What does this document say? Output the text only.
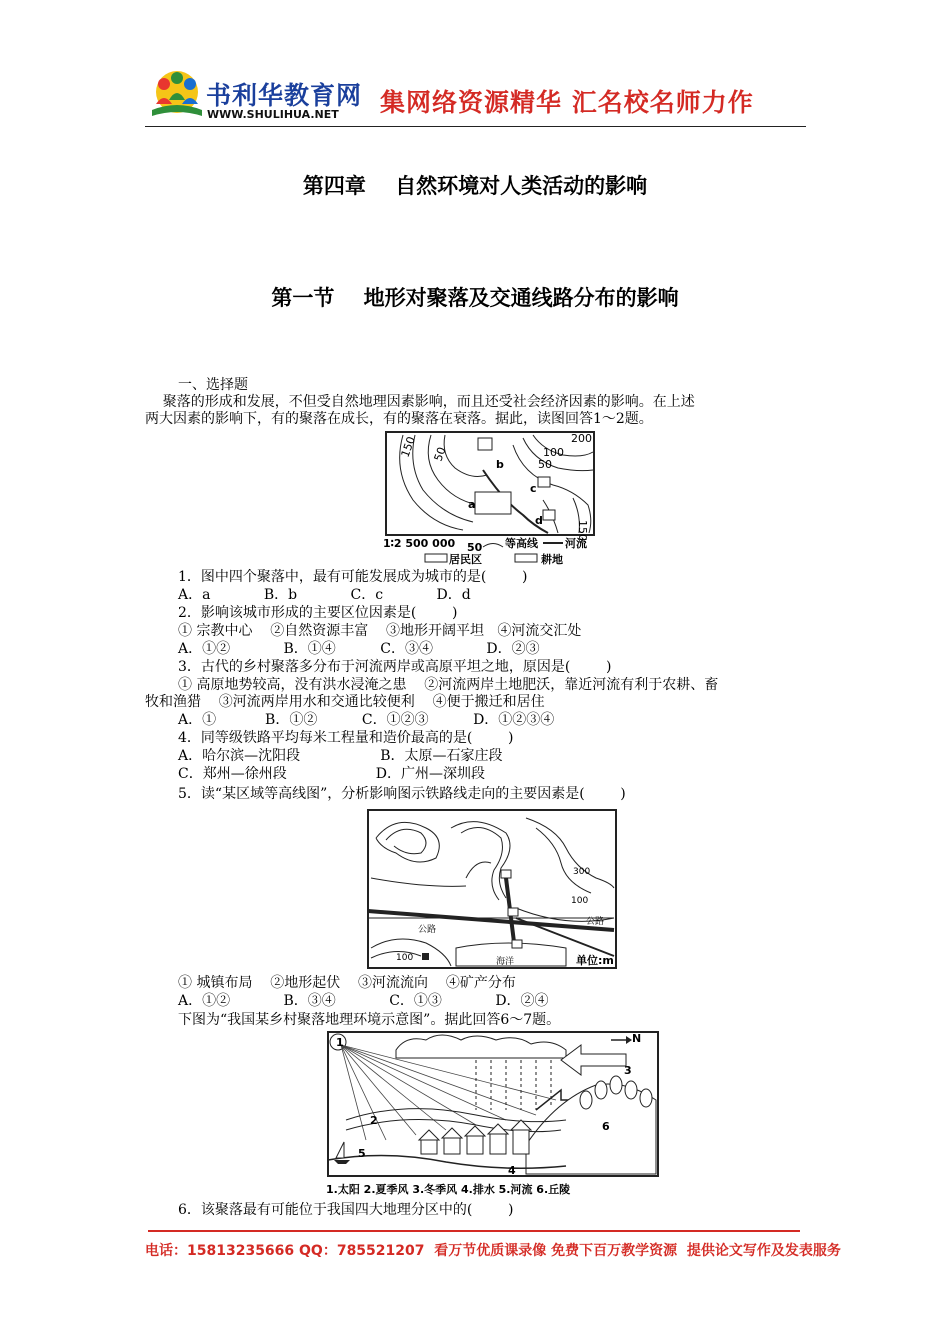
书利华教育网
WWW.SHULIHUA.NET 集网络资源精华 汇名校名师力作
第四章    自然环境对人类活动的影响
第一节    地形对聚落及交通线路分布的影响
一、选择题
聚落的形成和发展，不但受自然地理因素影响，而且还受社会经济因素的影响。在上述
两大因素的影响下，有的聚落在成长，有的聚落在衰落。据此，读图回答1～2题。
150 50
200
100
50
150
a
b
c
d
1∶2 500 000 50 等高线 河流
居民区	耕地
1．图中四个聚落中，最有可能发展成为城市的是(        )
A．a            B．b            C．c            D．d
2．影响该城市形成的主要区位因素是(        )
① 宗教中心    ②自然资源丰富    ③地形开阔平坦   ④河流交汇处
A．①②            B．①④          C．③④            D．②③
3．古代的乡村聚落多分布于河流两岸或高原平坦之地，原因是(        )
① 高原地势较高，没有洪水浸淹之患    ②河流两岸土地肥沃，靠近河流有利于农耕、畜
牧和渔猎    ③河流两岸用水和交通比较便利    ④便于搬迁和居住
A．①           B．①②          C．①②③          D．①②③④
4．同等级铁路平均每米工程量和造价最高的是(        )
A．哈尔滨—沈阳段                  B．太原—石家庄段
C．郑州—徐州段                    D．广州—深圳段
5．读“某区域等高线图”，分析影响图示铁路线走向的主要因素是(        )
300
100
100
公路
公路
海洋	单位:m
① 城镇布局    ②地形起伏    ③河流流向    ④矿产分布
A．①②            B．③④            C．①③            D．②④
下图为“我国某乡村聚落地理环境示意图”。据此回答6～7题。
N
1
2
3
4
5
6
1.太阳 2.夏季风 3.冬季风 4.排水 5.河流 6.丘陵
6．该聚落最有可能位于我国四大地理分区中的(        )
电话：15813235666 QQ：785521207  看万节优质课录像 免费下百万教学资源  提供论文写作及发表服务
